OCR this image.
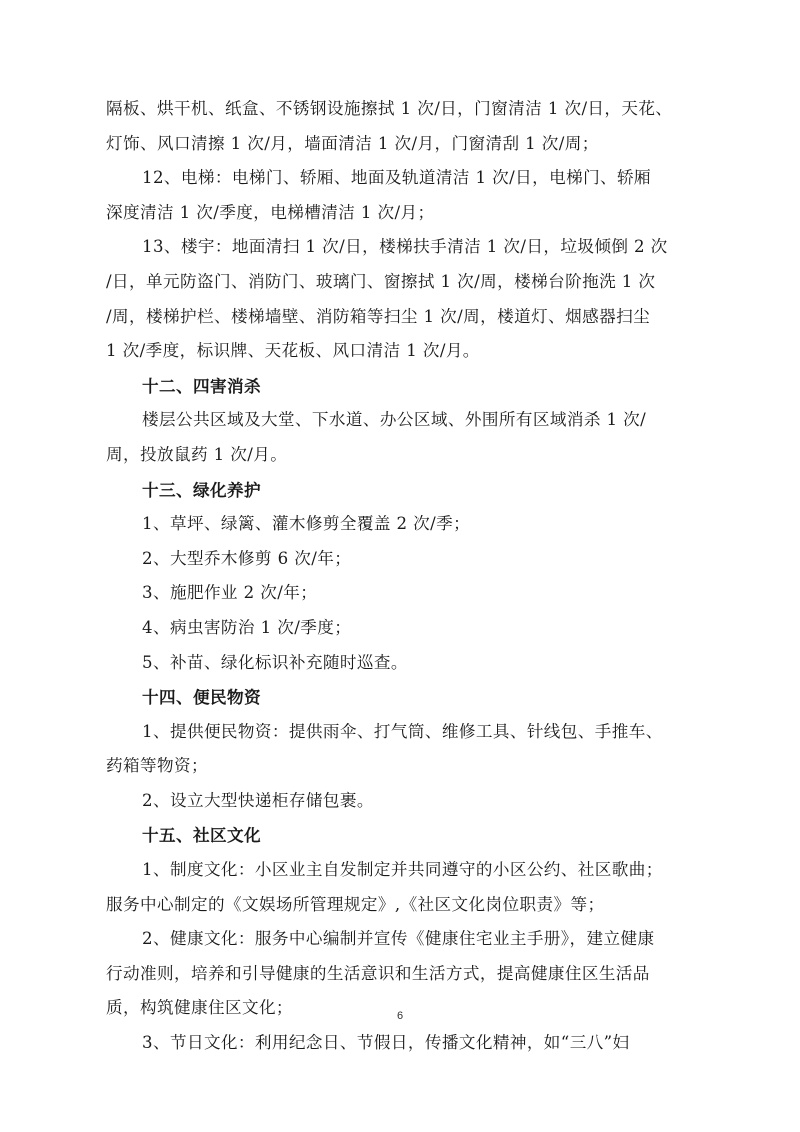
隔板、烘干机、纸盒、不锈钢设施擦拭 1 次/日，门窗清洁 1 次/日，天花、
灯饰、风口清擦 1 次/月，墙面清洁 1 次/月，门窗清刮 1 次/周；
12、电梯：电梯门、轿厢、地面及轨道清洁 1 次/日，电梯门、轿厢
深度清洁 1 次/季度，电梯槽清洁 1 次/月；
13、楼宇：地面清扫 1 次/日，楼梯扶手清洁 1 次/日，垃圾倾倒 2 次
/日，单元防盗门、消防门、玻璃门、窗擦拭 1 次/周，楼梯台阶拖洗 1 次
/周，楼梯护栏、楼梯墙壁、消防箱等扫尘 1 次/周，楼道灯、烟感器扫尘
1 次/季度，标识牌、天花板、风口清洁 1 次/月。
十二、四害消杀
楼层公共区域及大堂、下水道、办公区域、外围所有区域消杀 1 次/
周，投放鼠药 1 次/月。
十三、绿化养护
1、草坪、绿篱、灌木修剪全覆盖 2 次/季；
2、大型乔木修剪 6 次/年；
3、施肥作业 2 次/年；
4、病虫害防治 1 次/季度；
5、补苗、绿化标识补充随时巡查。
十四、便民物资
1、提供便民物资：提供雨伞、打气筒、维修工具、针线包、手推车、
药箱等物资；
2、设立大型快递柜存储包裹。
十五、社区文化
1、制度文化：小区业主自发制定并共同遵守的小区公约、社区歌曲；
服务中心制定的《文娱场所管理规定》,《社区文化岗位职责》等；
2、健康文化：服务中心编制并宣传《健康住宅业主手册》，建立健康
行动准则，培养和引导健康的生活意识和生活方式，提高健康住区生活品
质，构筑健康住区文化；
3、节日文化：利用纪念日、节假日，传播文化精神，如“三八”妇
6
